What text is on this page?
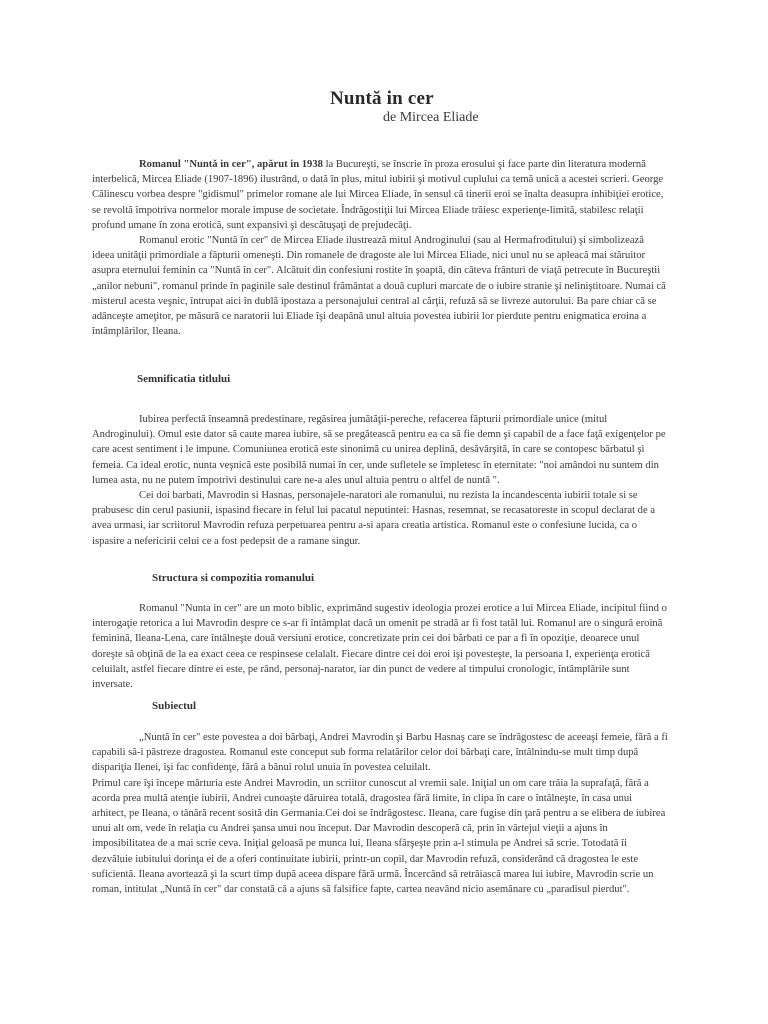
Nuntă in cer
de Mircea Eliade

Romanul "Nuntă in cer", apărut in 1938 la Bucureşti, se înscrie în proza erosului şi face parte din literatura modernă interbelică, Mircea Eliade (1907-1896) ilustrând, o dată în plus, mitul iubirii şi motivul cuplului ca temă unică a acestei scrieri. George Călinescu vorbea despre "gidismul" primelor romane ale lui Mircea Eliade, în sensul că tinerii eroi se înalta deasupra inhibiţiei erotice, se revoltă împotriva normelor morale impuse de societate. Îndrăgostiţii lui Mircea Eliade trăiesc experienţe-limită, stabilesc relaţii profund umane în zona erotică, sunt expansivi şi descătuşaţi de prejudecăţi.

Romanul erotic "Nuntă în cer" de Mircea Eliade ilustrează mitul Androginului (sau al Hermafroditului) şi simbolizează ideea unităţii primordiale a făpturii omeneşti. Din romanele de dragoste ale lui Mircea Eliade, nici unul nu se apleacă mai stăruitor asupra eternului feminin ca "Nuntă în cer". Alcătuit din confesiuni rostite în şoaptă, din câteva frânturi de viaţă petrecute în Bucureştii „anilor nebuni", romanul prinde în paginile sale destinul frământat a două cupluri marcate de o iubire stranie şi neliniştitoare. Numai că misterul acesta veşnic, întrupat aici în dublă ipostaza a personajului central al cărţii, refuză să se livreze autorului. Ba pare chiar că se adânceşte ameţitor, pe măsură ce naratorii lui Eliade îşi deapănă unul altuia povestea iubirii lor pierdute pentru enigmatica eroina a întâmplărilor, Ileana.

Semnificatia titlului

Iubirea perfectă înseamnă predestinare, regăsirea jumătăţii-pereche, refacerea făpturii primordiale unice (mitul Androginului). Omul este dator să caute marea iubire, să se pregătească pentru ea ca să fie demn şi capabil de a face faţă exigenţelor pe care acest sentiment i le impune. Comuniunea erotică este sinonimă cu unirea deplină, desăvârşită, în care se contopesc bărbatul şi femeia. Ca ideal erotic, nunta veşnică este posibilă numai în cer, unde sufletele se împletesc în eternitate: "noi amândoi nu suntem din lumea asta, nu ne putem împotrivi destinului care ne-a ales unul altuia pentru o altfel de nuntă ".

Cei doi barbati, Mavrodin si Hasnas, personajele-naratori ale romanului, nu rezista la incandescenta iubirii totale si se prabusesc din cerul pasiunii, ispasind fiecare in felul lui pacatul neputintei: Hasnas, resemnat, se recasatoreste in scopul declarat de a avea urmasi, iar scriitorul Mavrodin refuza perpetuarea pentru a-si apara creatia artistica. Romanul este o confesiune lucida, ca o ispasire a nefericirii celui ce a fost pedepsit de a ramane singur.

Structura si compozitia romanului

Romanul "Nunta in cer" are un moto biblic, exprimând sugestiv ideologia prozei erotice a lui Mircea Eliade, incipitul fiind o interogaţie retorica a lui Mavrodin despre ce s-ar fi întâmplat dacă un omenit pe stradă ar fi fost tatăl lui. Romanul are o singură eroină feminină, Ileana-Lena, care întâlneşte două versiuni erotice, concretizate prin cei doi bărbati ce par a fi în opoziţie, deoarece unul doreşte să obţină de la ea exact ceea ce respinsese celalalt. Fiecare dintre cei doi eroi işi povesteşte, la persoana I, experienţa erotică celuilalt, astfel fiecare dintre ei este, pe rând, personaj-narator, iar din punct de vedere al timpului cronologic, întâmplările sunt inversate.

Subiectul

„Nuntă în cer" este povestea a doi bărbaţi, Andrei Mavrodin şi Barbu Hasnaş care se îndrăgostesc de aceeaşi femeie, fără a fi capabili să-i păstreze dragostea. Romanul este conceput sub forma relatărilor celor doi bărbaţi care, întâlnindu-se mult timp după dispariţia Ilenei, îşi fac confidenţe, fără a bănui rolul unuia în povestea celuilalt.

Primul care îşi începe mărturia este Andrei Mavrodin, un scriitor cunoscut al vremii sale. Iniţial un om care trăia la suprafaţă, fără a acorda prea multă atenţie iubirii, Andrei cunoaşte dăruirea totală, dragostea fără limite, în clipa în care o întâlneşte, în casa unui arhitect, pe Ileana, o tânără recent sosită din Germania.Cei doi se îndrăgostesc. Ileana, care fugise din ţară pentru a se elibera de iubirea unui alt om, vede în relaţia cu Andrei şansa unui nou început. Dar Mavrodin descoperă că, prin în vârtejul vieţii a ajuns în imposibilitatea de a mai scrie ceva. Iniţial geloasă pe munca lui, Ileana sfârşeşte prin a-l stimula pe Andrei să scrie. Totodată îi dezvăluie iubitului dorinţa ei de a oferi continuitate iubirii, printr-un copil, dar Mavrodin refuză, considerând că dragostea le este suficientă. Ileana avortează şi la scurt timp după aceea dispare fără urmă. Încercând să retrăiască marea lui iubire, Mavrodin scrie un roman, intitulat „Nuntă în cer" dar constată că a ajuns să falsifice fapte, cartea neavând nicio asemănare cu „paradisul pierdut".
